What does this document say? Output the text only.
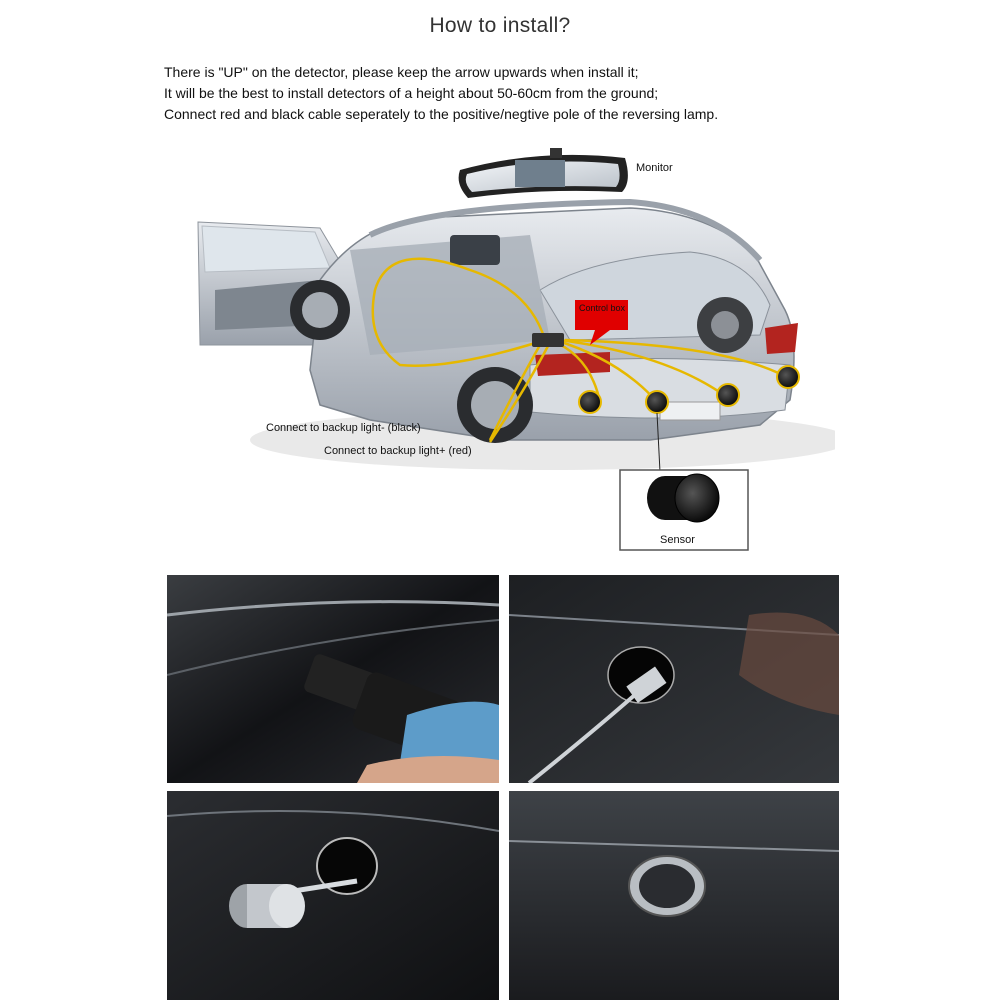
How to install?
There is "UP" on the detector, please keep the arrow upwards when install it;
It will be the best to install detectors of a height about 50-60cm from the ground;
Connect red and black cable seperately to the positive/negtive pole of the reversing lamp.
Monitor
Control box
Connect to backup light- (black)
Connect to backup light+ (red)
Sensor
